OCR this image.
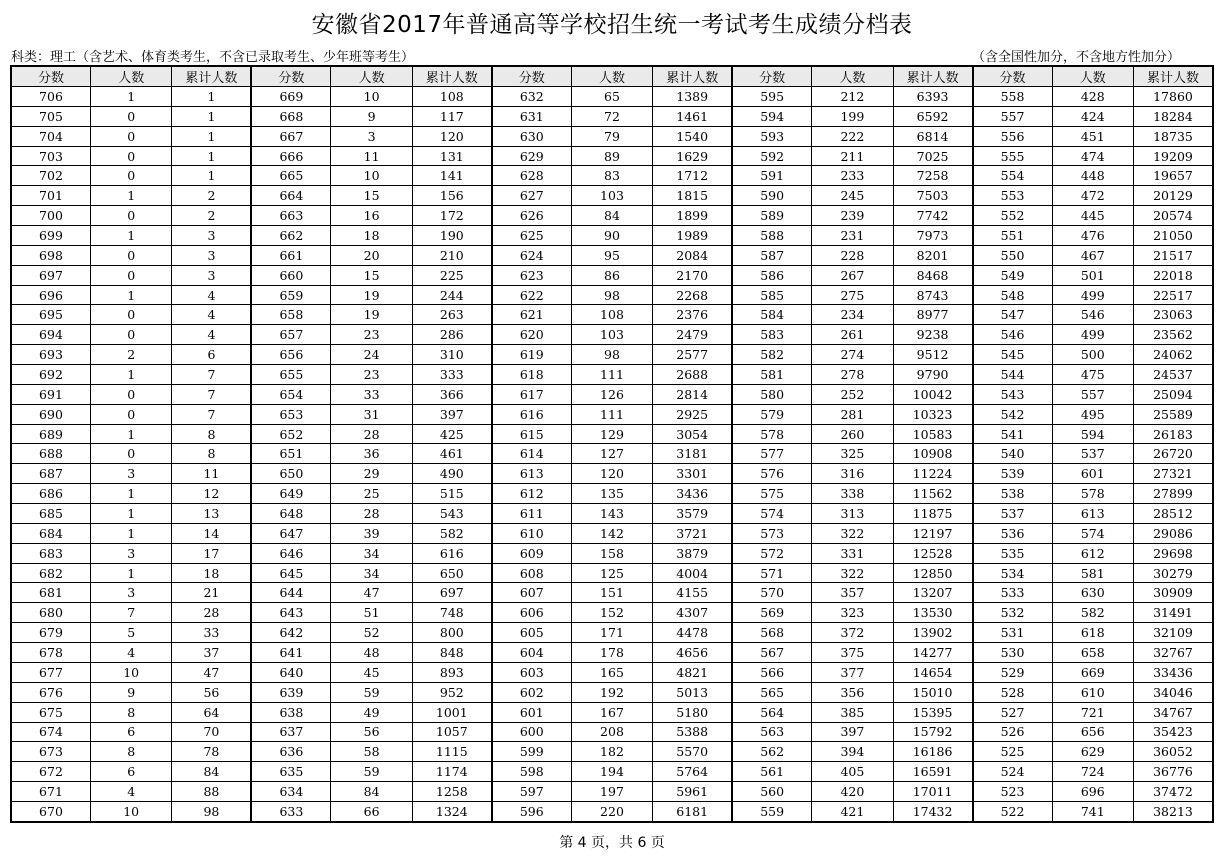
安徽省2017年普通高等学校招生统一考试考生成绩分档表
科类：理工（含艺术、体育类考生，不含已录取考生、少年班等考生）	（含全国性加分，不含地方性加分）
分数	人数	累计人数	分数	人数	累计人数	分数	人数	累计人数	分数	人数	累计人数	分数	人数	累计人数
706	1	1	669	10	108	632	65	1389	595	212	6393	558	428	17860
705	0	1	668	9	117	631	72	1461	594	199	6592	557	424	18284
704	0	1	667	3	120	630	79	1540	593	222	6814	556	451	18735
703	0	1	666	11	131	629	89	1629	592	211	7025	555	474	19209
702	0	1	665	10	141	628	83	1712	591	233	7258	554	448	19657
701	1	2	664	15	156	627	103	1815	590	245	7503	553	472	20129
700	0	2	663	16	172	626	84	1899	589	239	7742	552	445	20574
699	1	3	662	18	190	625	90	1989	588	231	7973	551	476	21050
698	0	3	661	20	210	624	95	2084	587	228	8201	550	467	21517
697	0	3	660	15	225	623	86	2170	586	267	8468	549	501	22018
696	1	4	659	19	244	622	98	2268	585	275	8743	548	499	22517
695	0	4	658	19	263	621	108	2376	584	234	8977	547	546	23063
694	0	4	657	23	286	620	103	2479	583	261	9238	546	499	23562
693	2	6	656	24	310	619	98	2577	582	274	9512	545	500	24062
692	1	7	655	23	333	618	111	2688	581	278	9790	544	475	24537
691	0	7	654	33	366	617	126	2814	580	252	10042	543	557	25094
690	0	7	653	31	397	616	111	2925	579	281	10323	542	495	25589
689	1	8	652	28	425	615	129	3054	578	260	10583	541	594	26183
688	0	8	651	36	461	614	127	3181	577	325	10908	540	537	26720
687	3	11	650	29	490	613	120	3301	576	316	11224	539	601	27321
686	1	12	649	25	515	612	135	3436	575	338	11562	538	578	27899
685	1	13	648	28	543	611	143	3579	574	313	11875	537	613	28512
684	1	14	647	39	582	610	142	3721	573	322	12197	536	574	29086
683	3	17	646	34	616	609	158	3879	572	331	12528	535	612	29698
682	1	18	645	34	650	608	125	4004	571	322	12850	534	581	30279
681	3	21	644	47	697	607	151	4155	570	357	13207	533	630	30909
680	7	28	643	51	748	606	152	4307	569	323	13530	532	582	31491
679	5	33	642	52	800	605	171	4478	568	372	13902	531	618	32109
678	4	37	641	48	848	604	178	4656	567	375	14277	530	658	32767
677	10	47	640	45	893	603	165	4821	566	377	14654	529	669	33436
676	9	56	639	59	952	602	192	5013	565	356	15010	528	610	34046
675	8	64	638	49	1001	601	167	5180	564	385	15395	527	721	34767
674	6	70	637	56	1057	600	208	5388	563	397	15792	526	656	35423
673	8	78	636	58	1115	599	182	5570	562	394	16186	525	629	36052
672	6	84	635	59	1174	598	194	5764	561	405	16591	524	724	36776
671	4	88	634	84	1258	597	197	5961	560	420	17011	523	696	37472
670	10	98	633	66	1324	596	220	6181	559	421	17432	522	741	38213
第 4 页，共 6 页
